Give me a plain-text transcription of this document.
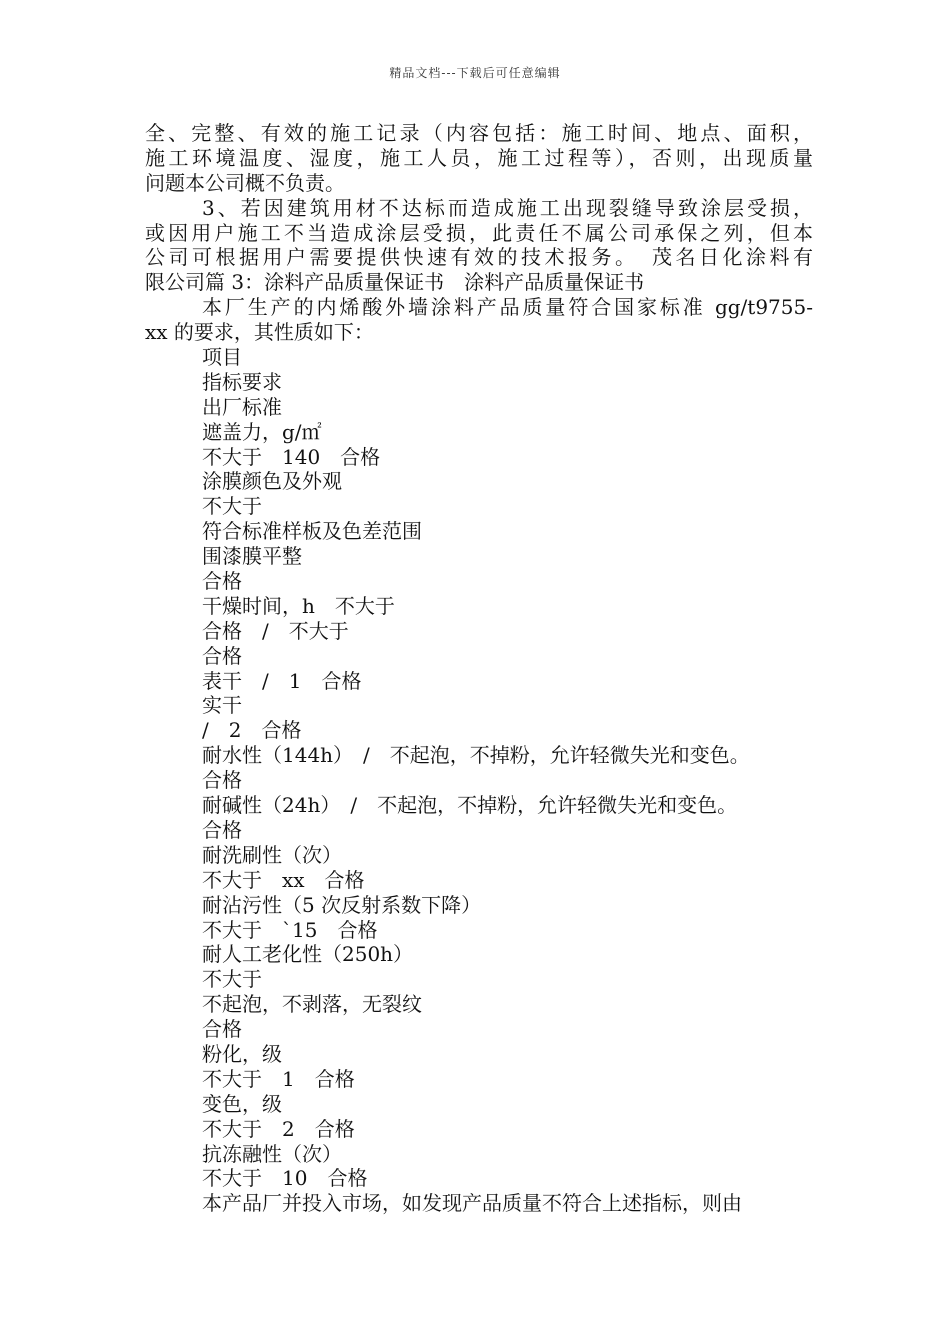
精品文档---下载后可任意编辑
全、完整、有效的施工记录（内容包括：施工时间、地点、面积，
施工环境温度、湿度，施工人员，施工过程等），否则，出现质量
问题本公司概不负责。
3、若因建筑用材不达标而造成施工出现裂缝导致涂层受损，
或因用户施工不当造成涂层受损，此责任不属公司承保之列，但本
公司可根据用户需要提供快速有效的技术报务。　茂名日化涂料有
限公司篇 3：涂料产品质量保证书　涂料产品质量保证书
本厂生产的内烯酸外墙涂料产品质量符合国家标准 gg/t9755-
xx 的要求，其性质如下：
项目
指标要求
出厂标准
遮盖力，g/㎡
不大于　140　合格
涂膜颜色及外观
不大于
符合标准样板及色差范围
围漆膜平整
合格
干燥时间，h　不大于
合格　/　不大于
合格
表干　/　1　合格
实干
/　2　合格
耐水性（144h）　/　不起泡，不掉粉，允许轻微失光和变色。
合格
耐碱性（24h）　/　不起泡，不掉粉，允许轻微失光和变色。
合格
耐洗刷性（次）
不大于　xx　合格
耐沾污性（5 次反射系数下降）
不大于　`15　合格
耐人工老化性（250h）
不大于
不起泡，不剥落，无裂纹
合格
粉化，级
不大于　1　合格
变色，级
不大于　2　合格
抗冻融性（次）
不大于　10　合格
本产品厂并投入市场，如发现产品质量不符合上述指标，则由
